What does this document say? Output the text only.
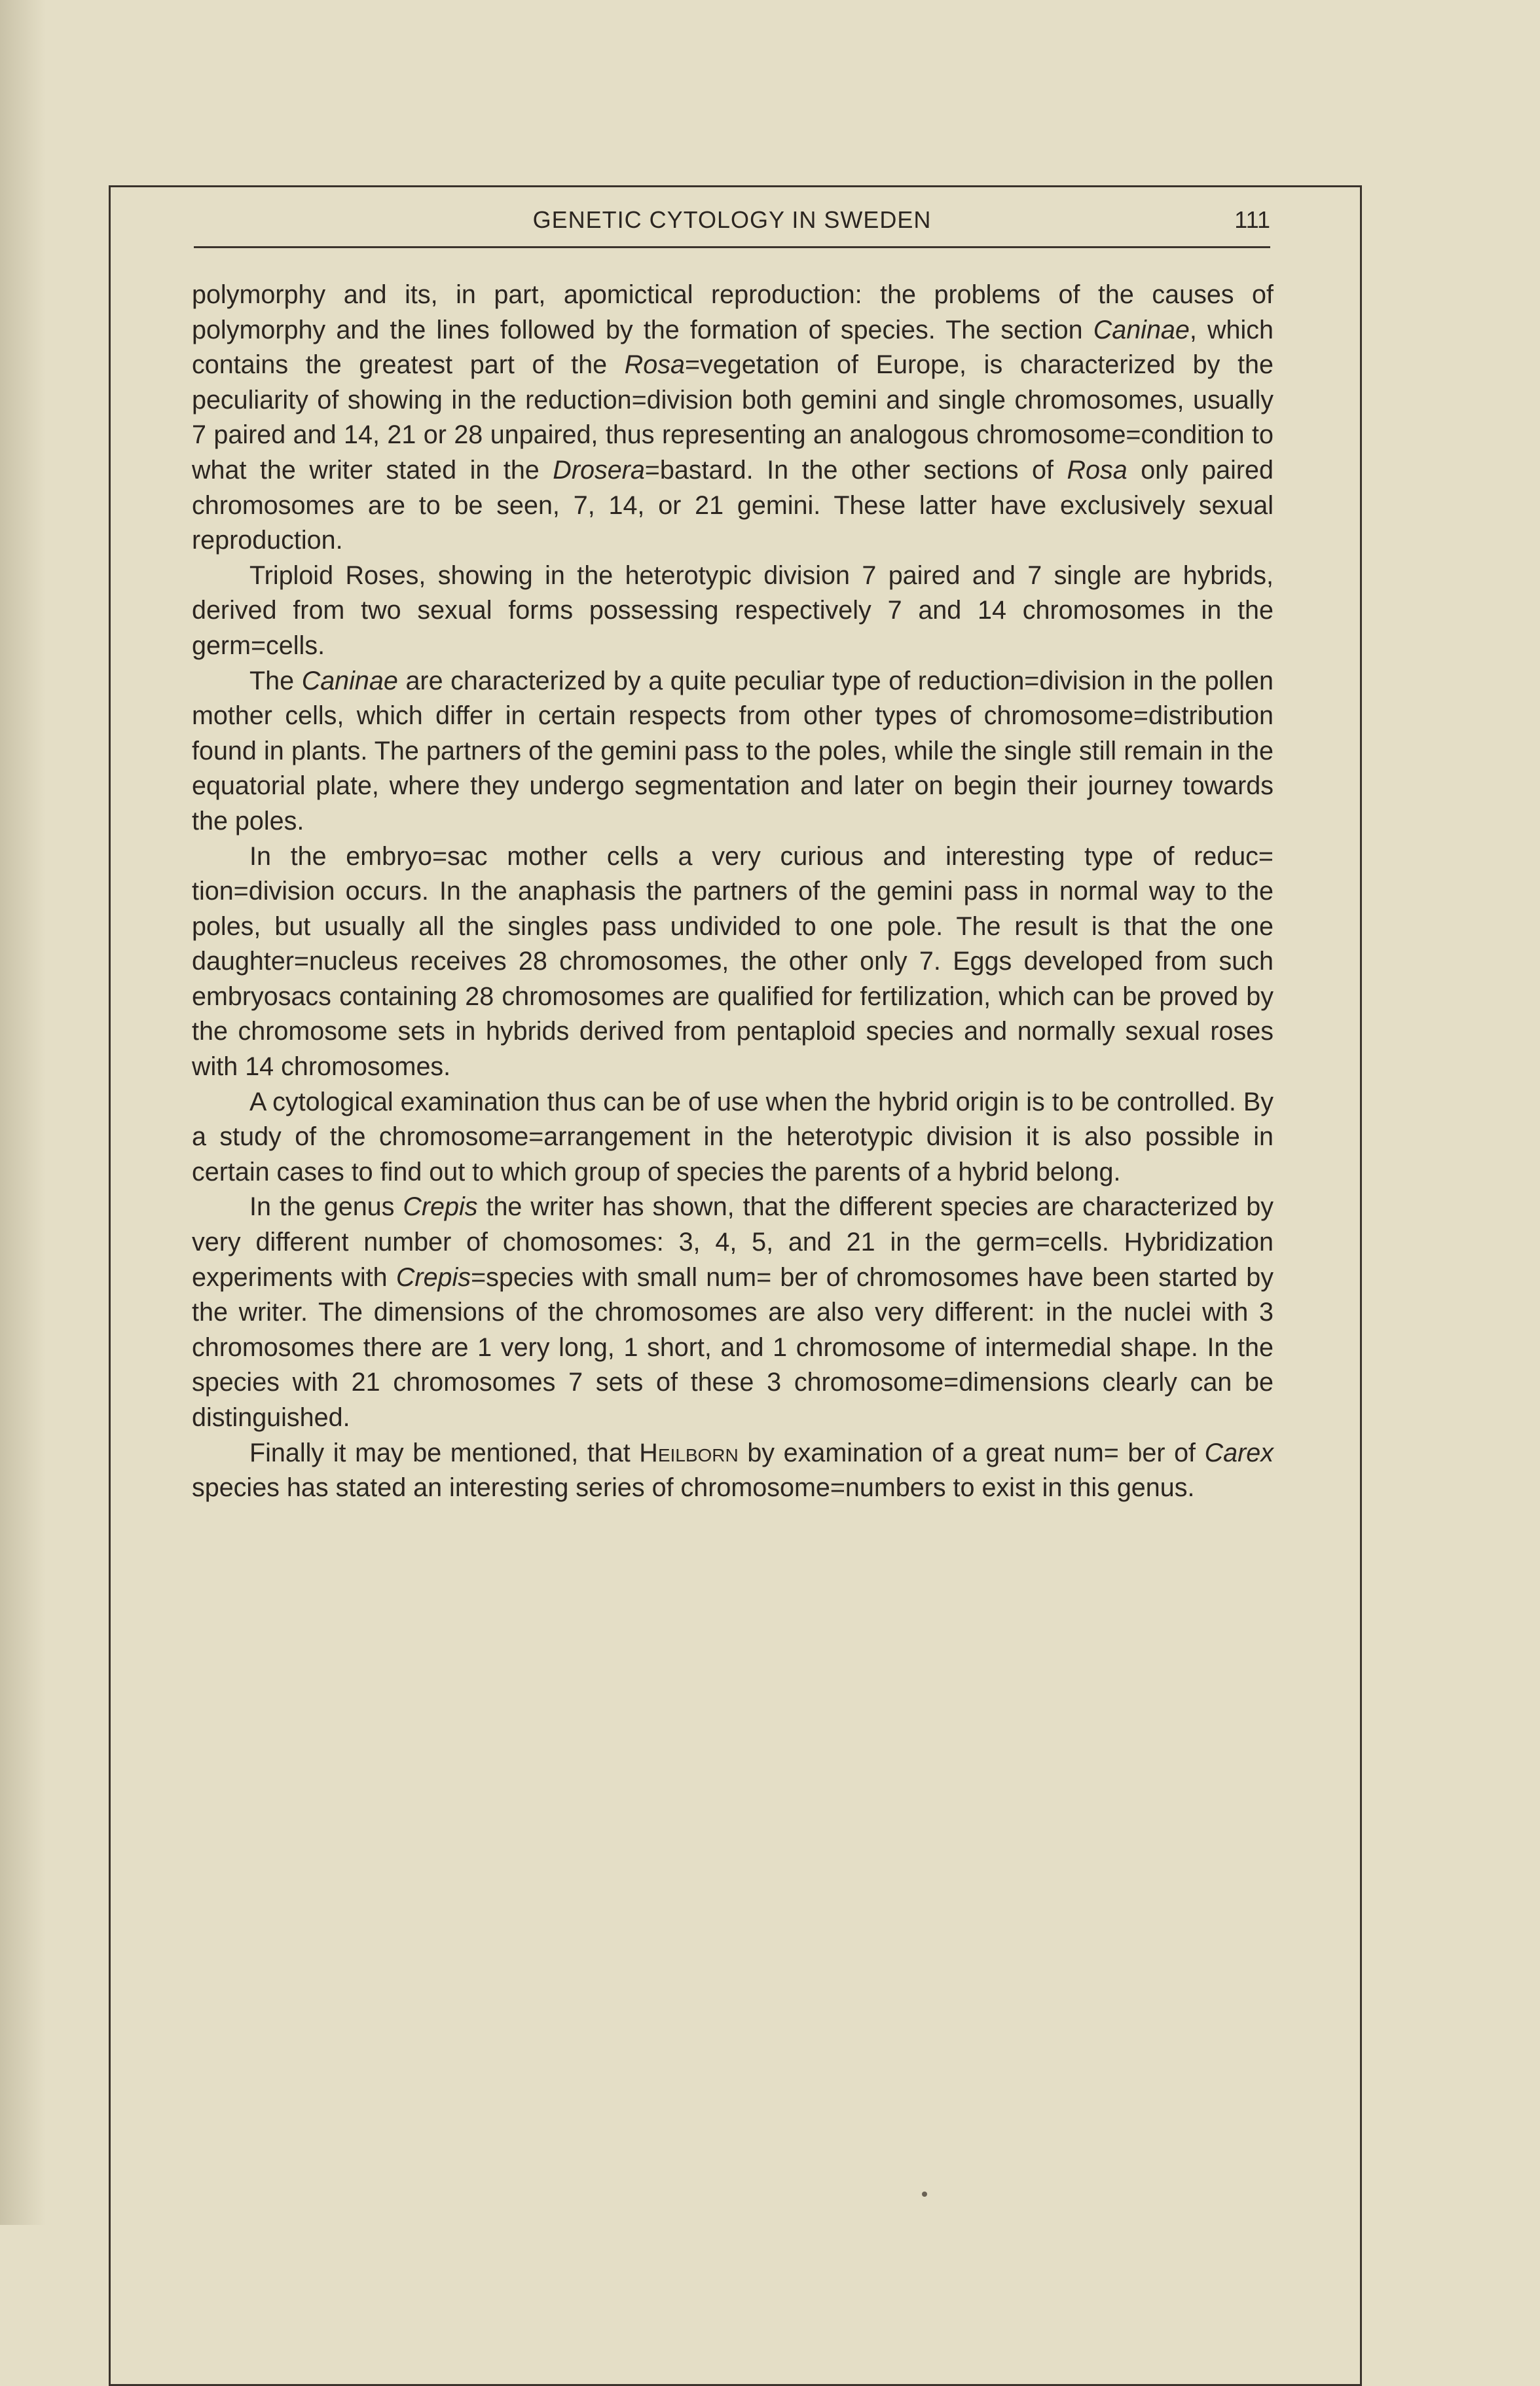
GENETIC CYTOLOGY IN SWEDEN	111

polymorphy and its, in part, apomictical reproduction: the problems of the causes of polymorphy and the lines followed by the formation of species. The section Caninae, which contains the greatest part of the Rosa=vegetation of Europe, is characterized by the peculiarity of showing in the reduction=division both gemini and single chromosomes, usually 7 paired and 14, 21 or 28 unpaired, thus representing an analogous chromosome=condition to what the writer stated in the Drosera=bastard. In the other sections of Rosa only paired chromosomes are to be seen, 7, 14, or 21 gemini. These latter have exclusively sexual reproduction.

Triploid Roses, showing in the heterotypic division 7 paired and 7 single are hybrids, derived from two sexual forms possessing respectively 7 and 14 chromosomes in the germ=cells.

The Caninae are characterized by a quite peculiar type of reduction=division in the pollen mother cells, which differ in certain respects from other types of chromosome=distribution found in plants. The partners of the gemini pass to the poles, while the single still remain in the equatorial plate, where they undergo segmentation and later on begin their journey towards the poles.

In the embryo=sac mother cells a very curious and interesting type of reduc= tion=division occurs. In the anaphasis the partners of the gemini pass in normal way to the poles, but usually all the singles pass undivided to one pole. The result is that the one daughter=nucleus receives 28 chromosomes, the other only 7. Eggs developed from such embryosacs containing 28 chromosomes are qualified for fertilization, which can be proved by the chromosome sets in hybrids derived from pentaploid species and normally sexual roses with 14 chromosomes.

A cytological examination thus can be of use when the hybrid origin is to be controlled. By a study of the chromosome=arrangement in the heterotypic division it is also possible in certain cases to find out to which group of species the parents of a hybrid belong.

In the genus Crepis the writer has shown, that the different species are characterized by very different number of chomosomes: 3, 4, 5, and 21 in the germ=cells. Hybridization experiments with Crepis=species with small num= ber of chromosomes have been started by the writer. The dimensions of the chromosomes are also very different: in the nuclei with 3 chromosomes there are 1 very long, 1 short, and 1 chromosome of intermedial shape. In the species with 21 chromosomes 7 sets of these 3 chromosome=dimensions clearly can be distinguished.

Finally it may be mentioned, that Heilborn by examination of a great num= ber of Carex species has stated an interesting series of chromosome=numbers to exist in this genus.
